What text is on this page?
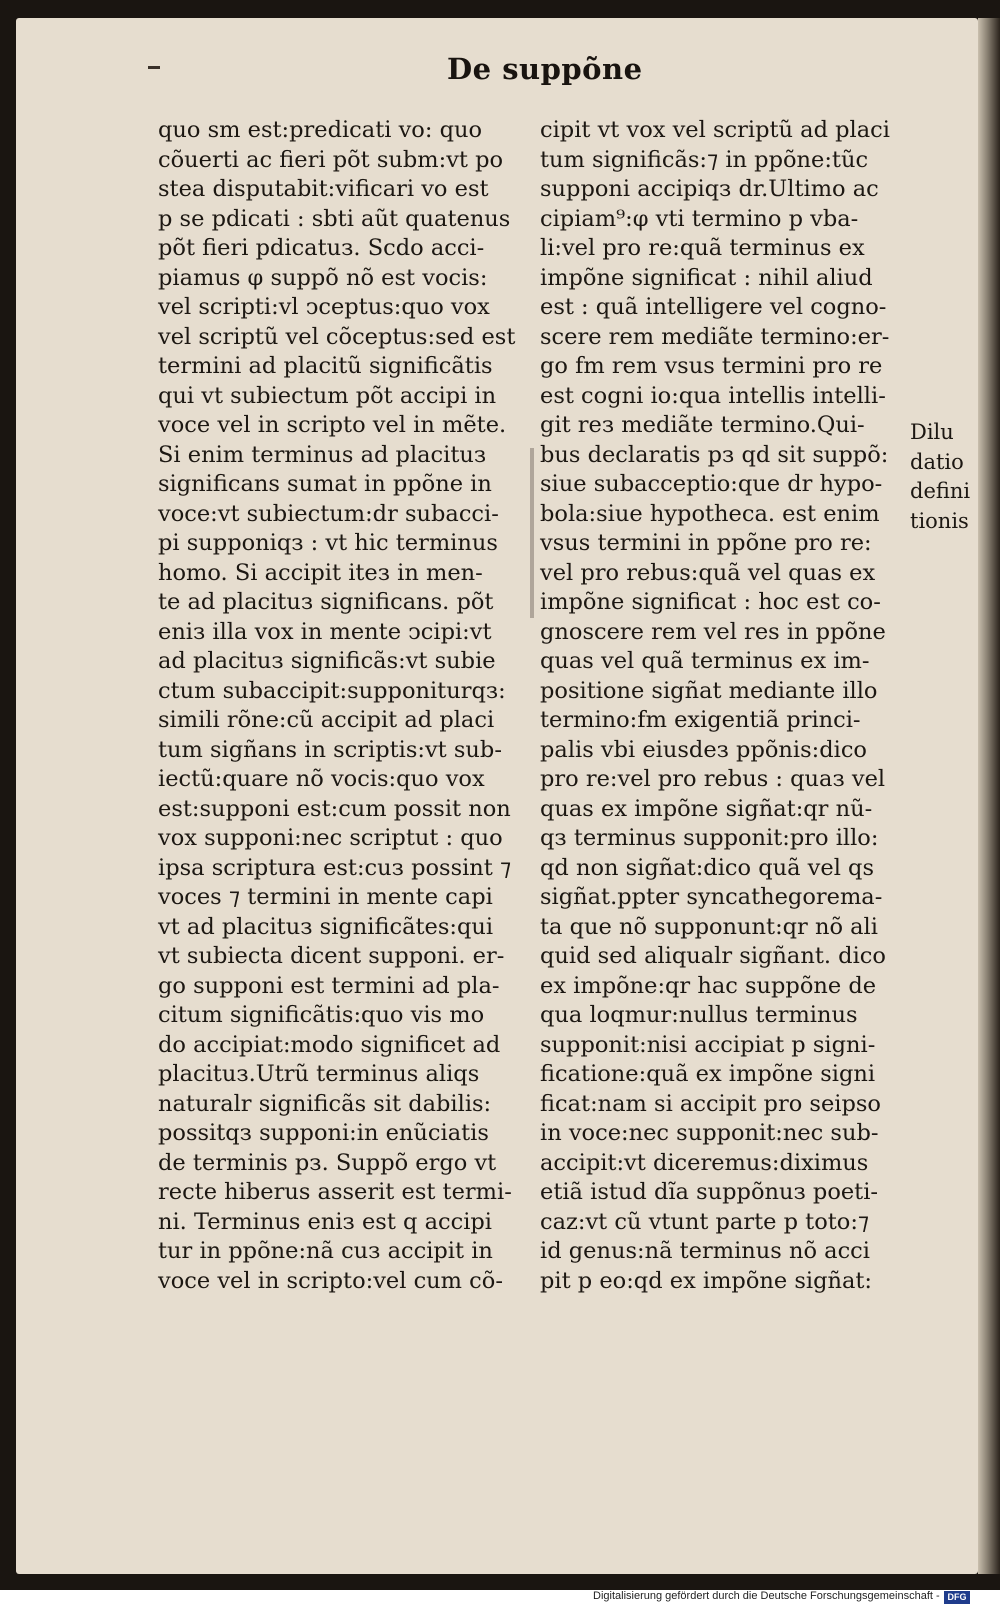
De suppõne
quo sm est:predicati vo: quo
cõuerti ac fieri põt subm:vt po
stea disputabit:vificari vo est
p se pdicati : sbti aũt quatenus
põt fieri pdicatuз. Scdo acci-
piamus φ suppõ nõ est vocis:
vel scripti:vl ↄceptus:quo vox
vel scriptũ vel cõceptus:sed est
termini ad placitũ significãtis
qui vt subiectum põt accipi in
voce vel in scripto vel in mẽte.
Si enim terminus ad placituз
significans sumat in ppõne in
voce:vt subiectum:dr subacci-
pi supponiqз : vt hic terminus
homo. Si accipit iteз in men-
te ad placituз significans. põt
eniз illa vox in mente ↄcipi:vt
ad placituз significãs:vt subie
ctum subaccipit:supponiturqз:
simili rõne:cũ accipit ad placi
tum sigñans in scriptis:vt sub-
iectũ:quare nõ vocis:quo vox
est:supponi est:cum possit non
vox supponi:nec scriptut : quo
ipsa scriptura est:cuз possint ⁊
voces ⁊ termini in mente capi
vt ad placituз significãtes:qui
vt subiecta dicent supponi. er-
go supponi est termini ad pla-
citum significãtis:quo vis mo
do accipiat:modo significet ad
placituз.Utrũ terminus aliqs
naturalr significãs sit dabilis:
possitqз supponi:in enũciatis
de terminis pз. Suppõ ergo vt
recte hiberus asserit est termi-
ni. Terminus eniз est q accipi
tur in ppõne:nã cuз accipit in
voce vel in scripto:vel cum cõ-
cipit vt vox vel scriptũ ad placi
tum significãs:⁊ in ppõne:tũc
supponi accipiqз dr.Ultimo ac
cipiam⁹:φ vti termino p vba-
li:vel pro re:quã terminus ex
impõne significat : nihil aliud
est : quã intelligere vel cogno-
scere rem mediãte termino:er-
go fm rem vsus termini pro re
est cogni io:qua intellis intelli-
git reз mediãte termino.Qui-
bus declaratis pз qd sit suppõ:
siue subacceptio:que dr hypo-
bola:siue hypotheca. est enim
vsus termini in ppõne pro re:
vel pro rebus:quã vel quas ex
impõne significat : hoc est co-
gnoscere rem vel res in ppõne
quas vel quã terminus ex im-
positione sigñat mediante illo
termino:fm exigentiã princi-
palis vbi eiusdeз ppõnis:dico
pro re:vel pro rebus : quaз vel
quas ex impõne sigñat:qr nũ-
qз terminus supponit:pro illo:
qd non sigñat:dico quã vel qs
sigñat.ppter syncathegorema-
ta que nõ supponunt:qr nõ ali
quid sed aliqualr sigñant. dico
ex impõne:qr hac suppõne de
qua loqmur:nullus terminus
supponit:nisi accipiat p signi-
ficatione:quã ex impõne signi
ficat:nam si accipit pro seipso
in voce:nec supponit:nec sub-
accipit:vt diceremus:diximus
etiã istud dĩa suppõnuз poeti-
caz:vt cũ vtunt parte p toto:⁊
id genus:nã terminus nõ acci
pit p eo:qd ex impõne sigñat:
Dilu
datio
defini
tionis
Digitalisierung gefördert durch die Deutsche Forschungsgemeinschaft - DFG
